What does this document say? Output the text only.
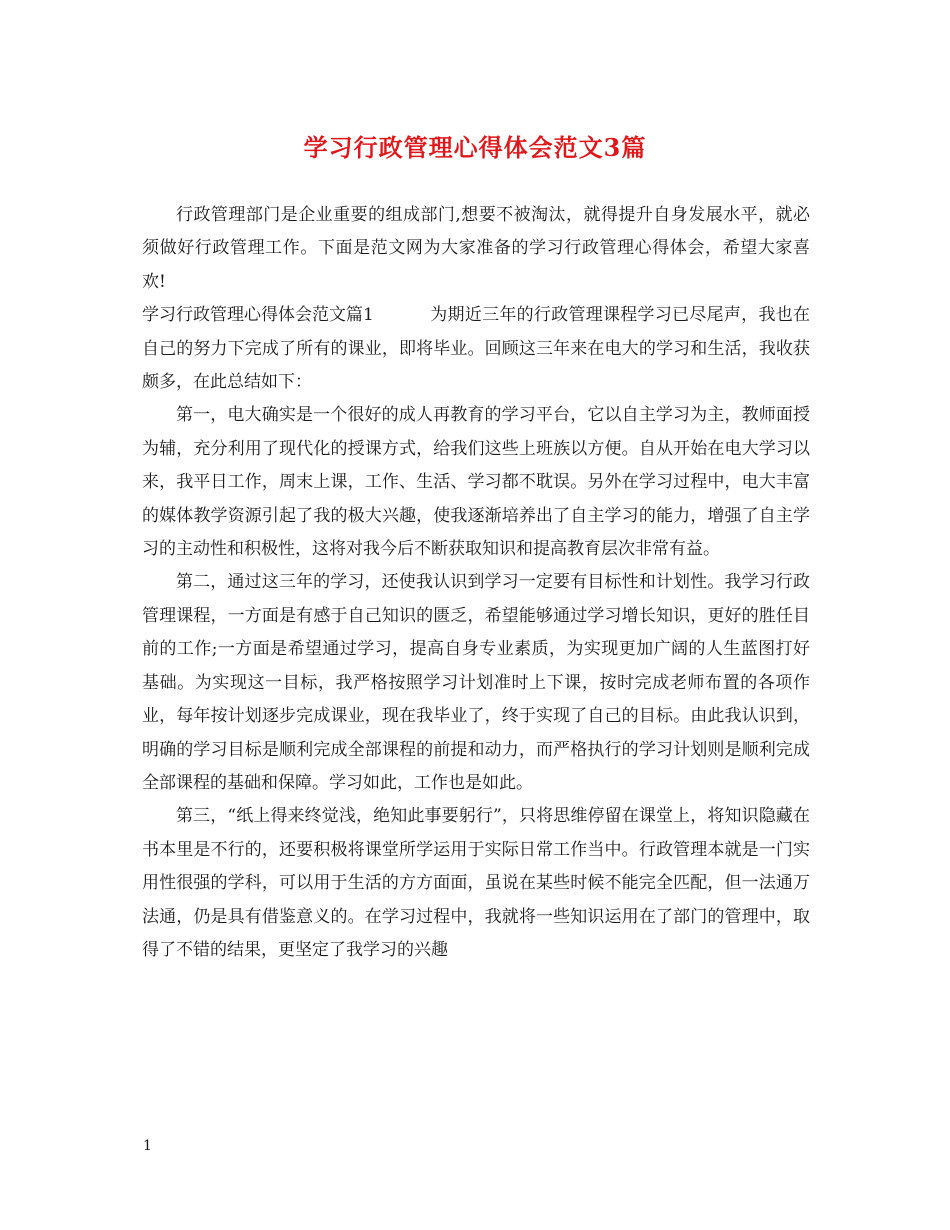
学习行政管理心得体会范文3篇

行政管理部门是企业重要的组成部门,想要不被淘汰，就得提升自身发展水平，就必须做好行政管理工作。下面是范文网为大家准备的学习行政管理心得体会，希望大家喜欢!

学习行政管理心得体会范文篇1	为期近三年的行政管理课程学习已尽尾声，我也在自己的努力下完成了所有的课业，即将毕业。回顾这三年来在电大的学习和生活，我收获颇多，在此总结如下：

第一，电大确实是一个很好的成人再教育的学习平台，它以自主学习为主，教师面授为辅，充分利用了现代化的授课方式，给我们这些上班族以方便。自从开始在电大学习以来，我平日工作，周末上课，工作、生活、学习都不耽误。另外在学习过程中，电大丰富的媒体教学资源引起了我的极大兴趣，使我逐渐培养出了自主学习的能力，增强了自主学习的主动性和积极性，这将对我今后不断获取知识和提高教育层次非常有益。

第二，通过这三年的学习，还使我认识到学习一定要有目标性和计划性。我学习行政管理课程，一方面是有感于自己知识的匮乏，希望能够通过学习增长知识，更好的胜任目前的工作;一方面是希望通过学习，提高自身专业素质，为实现更加广阔的人生蓝图打好基础。为实现这一目标，我严格按照学习计划准时上下课，按时完成老师布置的各项作业，每年按计划逐步完成课业，现在我毕业了，终于实现了自己的目标。由此我认识到，明确的学习目标是顺利完成全部课程的前提和动力，而严格执行的学习计划则是顺利完成全部课程的基础和保障。学习如此，工作也是如此。

第三，“纸上得来终觉浅，绝知此事要躬行”，只将思维停留在课堂上，将知识隐藏在书本里是不行的，还要积极将课堂所学运用于实际日常工作当中。行政管理本就是一门实用性很强的学科，可以用于生活的方方面面，虽说在某些时候不能完全匹配，但一法通万法通，仍是具有借鉴意义的。在学习过程中，我就将一些知识运用在了部门的管理中，取得了不错的结果，更坚定了我学习的兴趣

1
